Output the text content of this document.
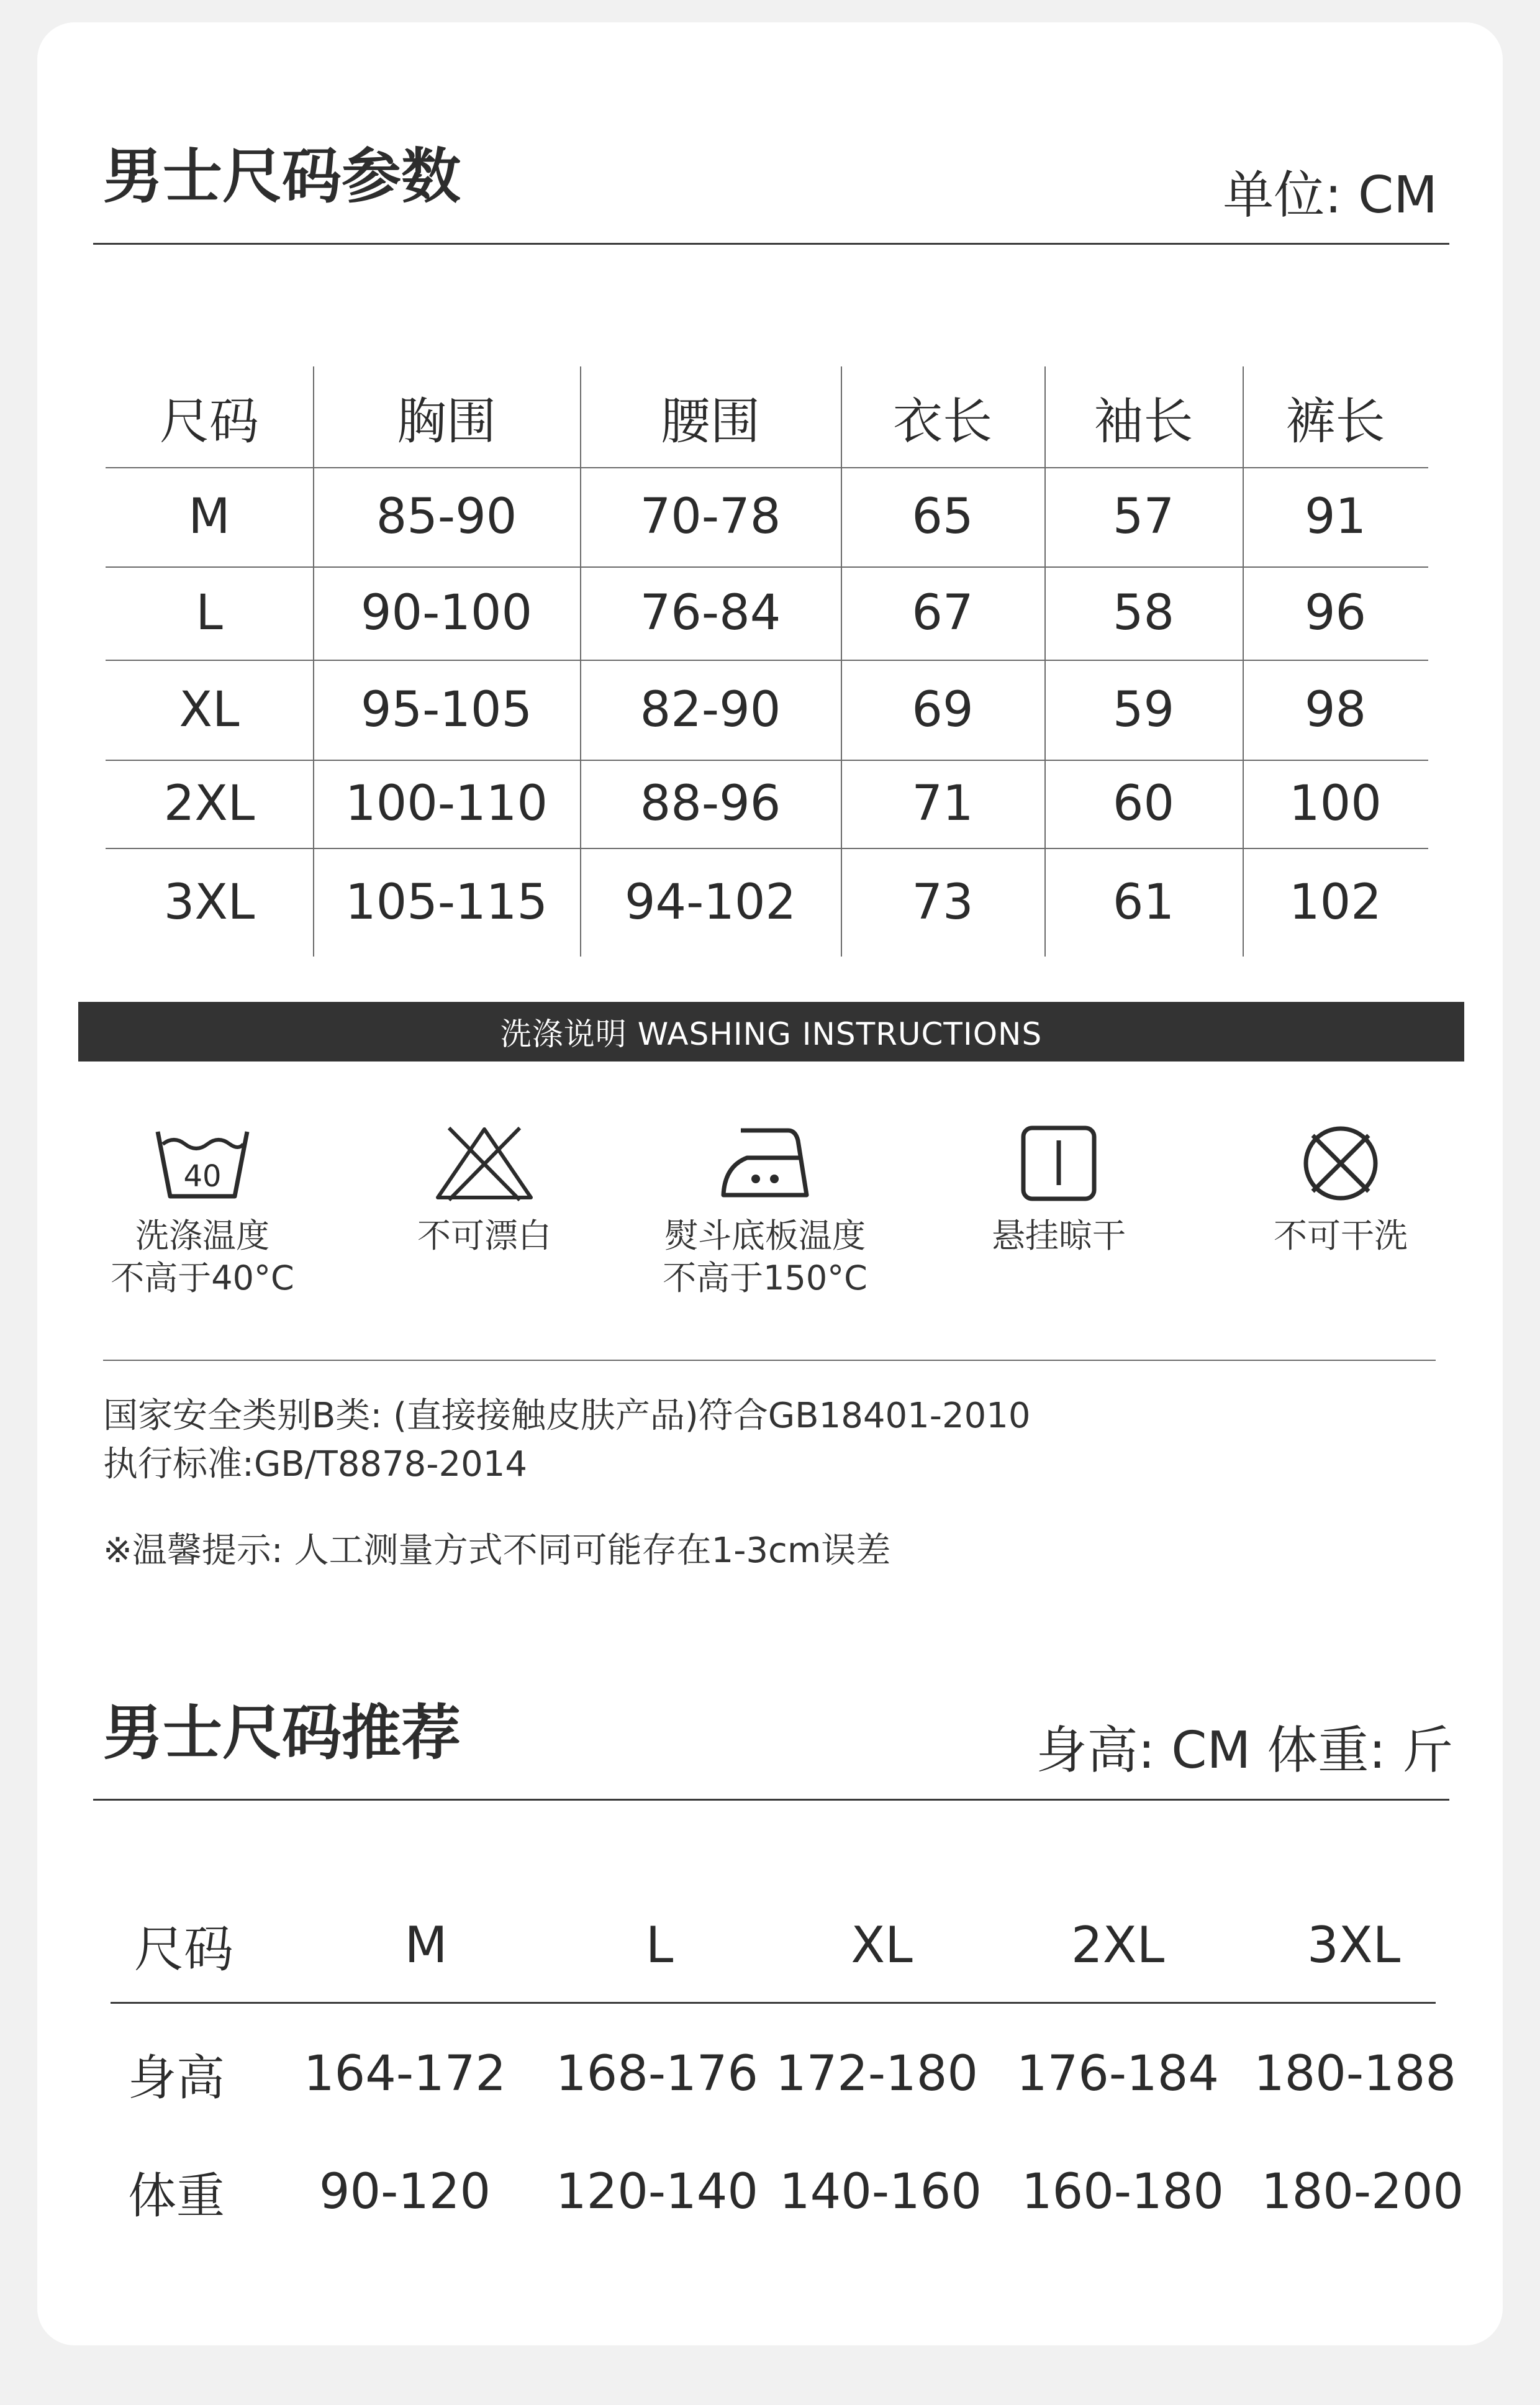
男士尺码参数	单位: CM
尺码	胸围	腰围	衣长	袖长	裤长
M	85-90	70-78	65	57	91
L	90-100	76-84	67	58	96
XL	95-105	82-90	69	59	98
2XL	100-110	88-96	71	60	100
3XL	105-115	94-102	73	61	102
洗涤说明 WASHING INSTRUCTIONS
40
洗涤温度
不高于40°C
不可漂白	熨斗底板温度
不高于150°C
悬挂晾干	不可干洗
国家安全类别B类: (直接接触皮肤产品)符合GB18401-2010
执行标准:GB/T8878-2014
※温馨提示: 人工测量方式不同可能存在1-3cm误差
男士尺码推荐	身高: CM 体重: 斤
尺码	M	L	XL	2XL	3XL
身高	164-172	168-176 172-180 176-184 180-188
体重	90-120	120-140 140-160 160-180 180-200
